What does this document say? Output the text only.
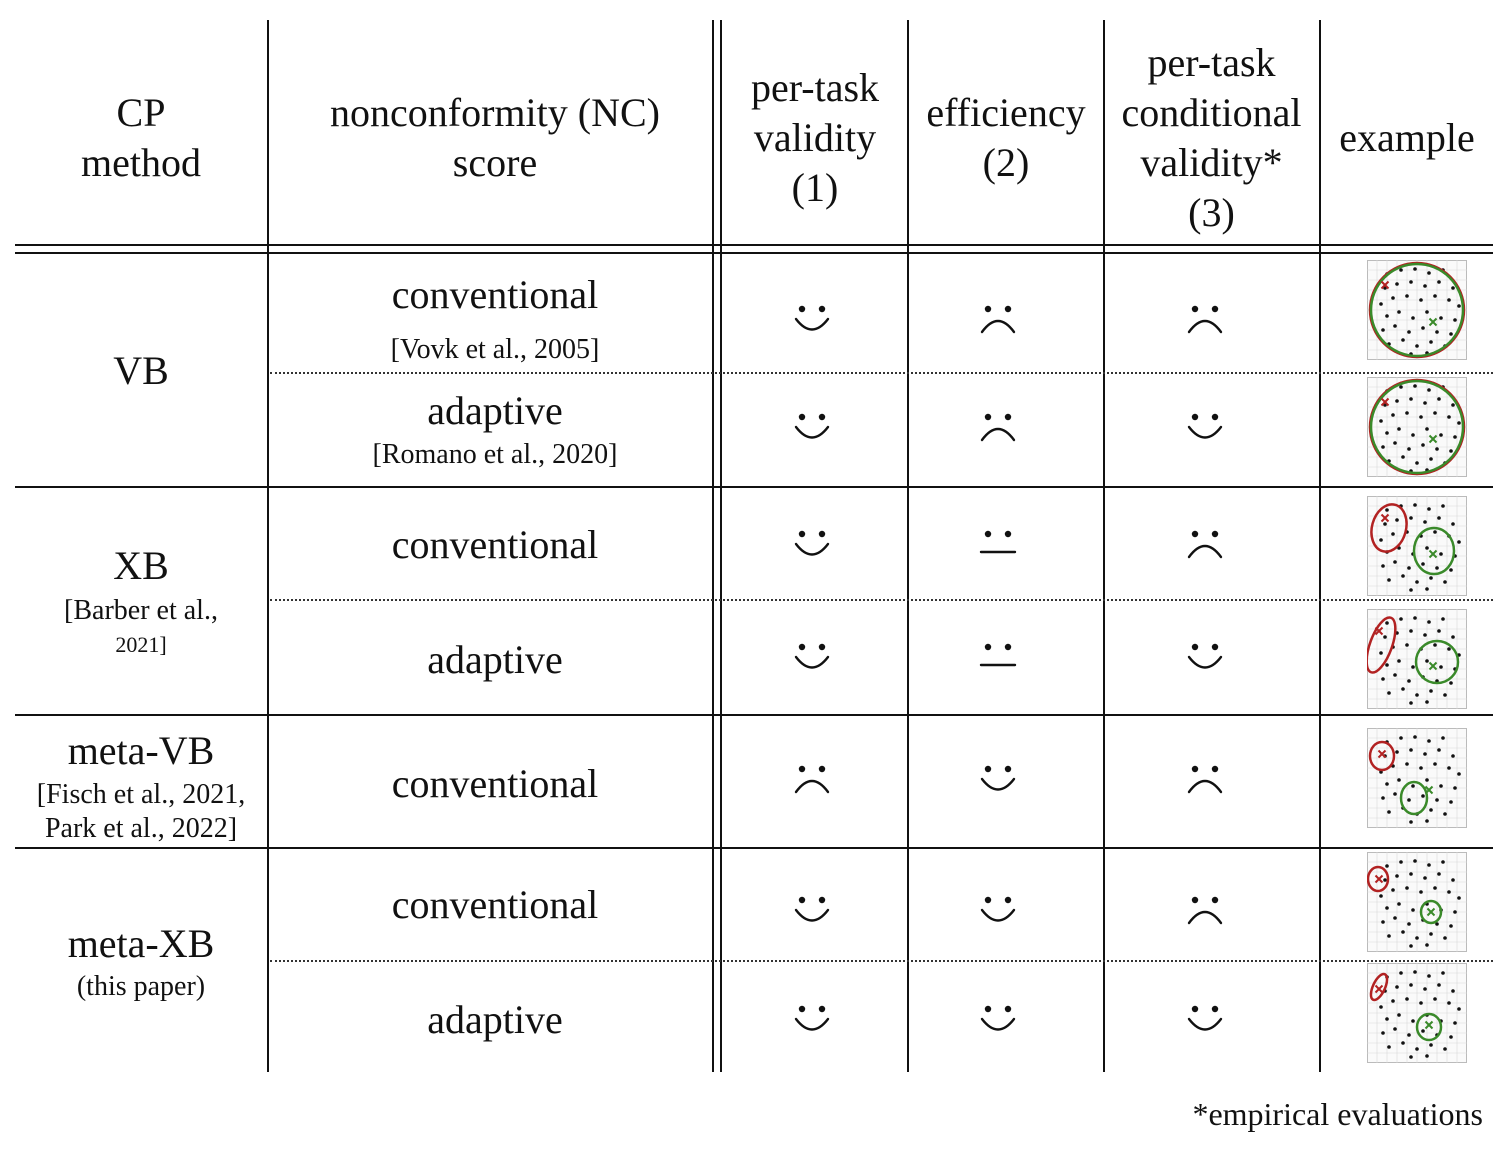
CP
method
nonconformity (NC)
score
per-task
validity
(1)
efficiency
(2)
per-task
conditional
validity*
(3)
example
VB
XB
[Barber et al.,
2021]
meta-VB
[Fisch et al., 2021,
Park et al., 2022]
meta-XB
(this paper)
conventional
[Vovk et al., 2005]
adaptive
[Romano et al., 2020]
conventional
adaptive
conventional
conventional
adaptive
*empirical evaluations
